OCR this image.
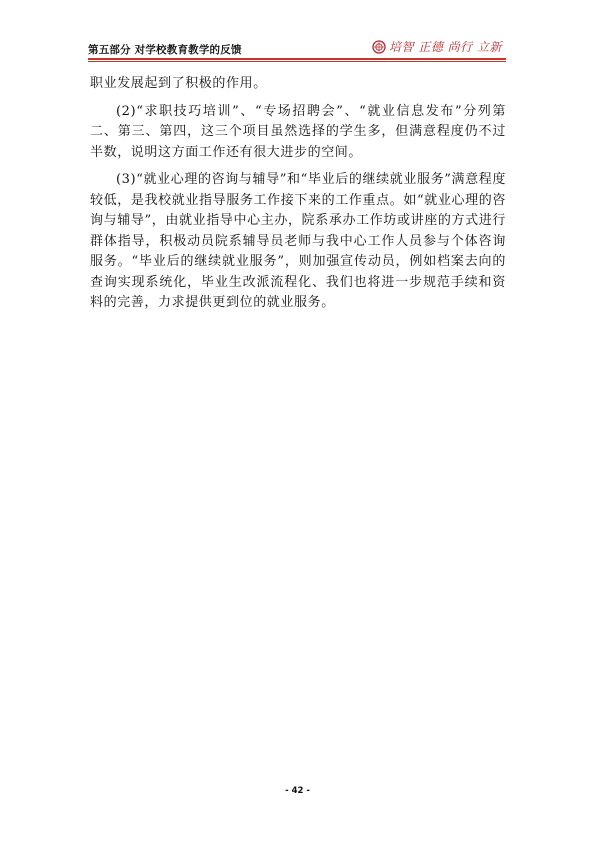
第五部分 对学校教育教学的反馈	培智 正德 尚行 立新

职业发展起到了积极的作用。

(2)“求职技巧培训”、“专场招聘会”、“就业信息发布”分列第二、第三、第四，这三个项目虽然选择的学生多，但满意程度仍不过半数，说明这方面工作还有很大进步的空间。

(3)“就业心理的咨询与辅导”和“毕业后的继续就业服务”满意程度较低，是我校就业指导服务工作接下来的工作重点。如“就业心理的咨询与辅导”，由就业指导中心主办，院系承办工作坊或讲座的方式进行群体指导，积极动员院系辅导员老师与我中心工作人员参与个体咨询服务。“毕业后的继续就业服务”，则加强宣传动员，例如档案去向的查询实现系统化，毕业生改派流程化、我们也将进一步规范手续和资料的完善，力求提供更到位的就业服务。

- 42 -
